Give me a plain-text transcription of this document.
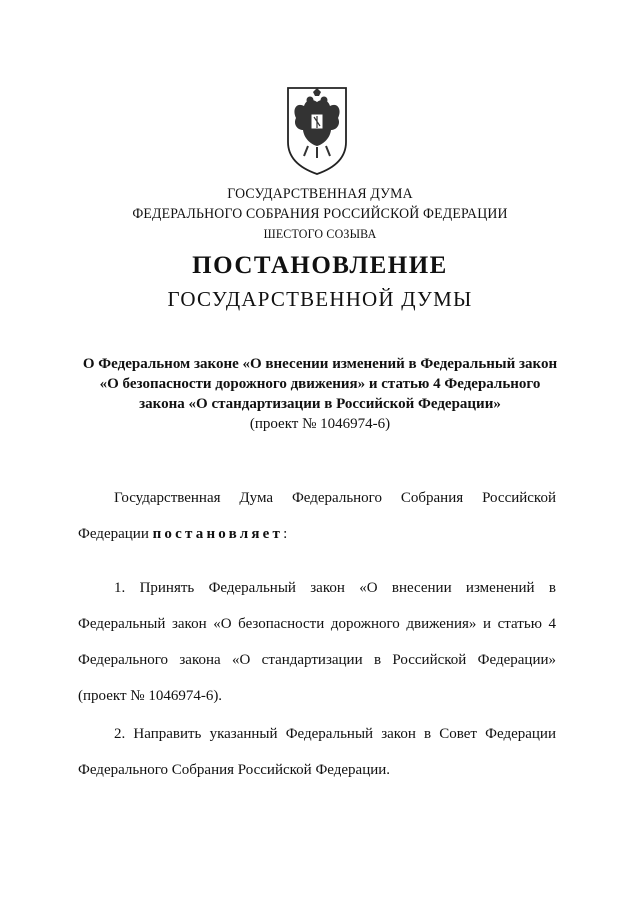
ГОСУДАРСТВЕННАЯ ДУМА
ФЕДЕРАЛЬНОГО СОБРАНИЯ РОССИЙСКОЙ ФЕДЕРАЦИИ
ШЕСТОГО СОЗЫВА
ПОСТАНОВЛЕНИЕ
ГОСУДАРСТВЕННОЙ ДУМЫ
О Федеральном законе «О внесении изменений в Федеральный закон
«О безопасности дорожного движения» и статью 4 Федерального
закона «О стандартизации в Российской Федерации»
(проект № 1046974-6)
Государственная Дума Федерального Собрания Российской
Федерации постановляет:
1. Принять Федеральный закон «О внесении изменений в
Федеральный закон «О безопасности дорожного движения» и статью 4
Федерального закона «О стандартизации в Российской Федерации»
(проект № 1046974-6).
2. Направить указанный Федеральный закон в Совет Федерации
Федерального Собрания Российской Федерации.
